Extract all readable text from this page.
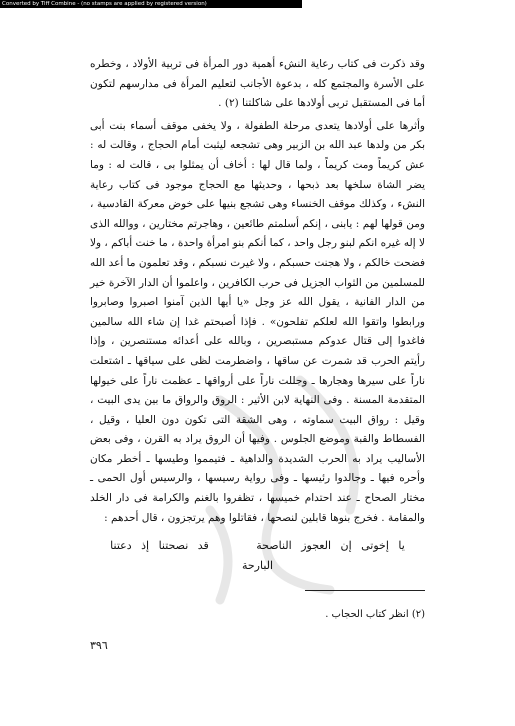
Converted by Tiff Combine - (no stamps are applied by registered version)

وقد ذكرت فى كتاب رعاية النشء أهمية دور المرأة فى تربية الأولاد ، وخطره على الأسرة والمجتمع كله ، بدعوة الأجانب لتعليم المرأة فى مدارسهم لتكون أما فى المستقبل تربى أولادها على شاكلتنا (٢) .

وأثرها على أولادها يتعدى مرحلة الطفولة ، ولا يخفى موقف أسماء بنت أبى بكر من ولدها عبد الله بن الزبير وهى تشجعه ليثبت أمام الحجاج ، وقالت له : عش كريماً ومت كريماً ، ولما قال لها : أخاف أن يمثلوا بى ، قالت له : وما يضر الشاة سلخها بعد ذبحها ، وحديثها مع الحجاج موجود فى كتاب رعاية النشء ، وكذلك موقف الخنساء وهى تشجع بنيها على خوض معركة القادسية ، ومن قولها لهم : يابنى ، إنكم أسلمتم طائعين ، وهاجرتم مختارين ، ووالله الذى لا إله غيره انكم لبنو رجل واحد ، كما أنكم بنو امرأة واحدة ، ما خنت أباكم ، ولا فضحت خالكم ، ولا هجنت حسبكم ، ولا غيرت نسبكم ، وقد تعلمون ما أعد الله للمسلمين من الثواب الجزيل فى حرب الكافرين ، واعلموا أن الدار الآخرة خير من الدار الفانية ، يقول الله عز وجل «يا أيها الذين آمنوا اصبروا وصابروا ورابطوا واتقوا الله لعلكم تفلحون» . فإذا أصبحتم غدا إن شاء الله سالمين فاغدوا إلى قتال عدوكم مستبصرين ، وبالله على أعدائه مستنصرين ، وإذا رأيتم الحرب قد شمرت عن ساقها ، واضطرمت لظى على سياقها ـ اشتعلت ناراً على سيرها وهجارها ـ وجللت ناراً على أرواقها ـ عظمت ناراً على خيولها المتقدمة المسنة . وفى النهاية لابن الأثير : الروق والرواق ما بين يدى البيت ، وقيل : رواق البيت سماوته ، وهى الشقة التى تكون دون العليا ، وقيل ، الفسطاط والقبة وموضع الجلوس . وفيها أن الروق يراد به القرن ، وفى بعض الأساليب يراد به الحرب الشديدة والداهية ـ فتيمموا وطيسها ـ أخطر مكان وأحره فيها ـ وجالدوا رئيسها ـ وفى رواية رسيسها ، والرسيس أول الحمى ـ مختار الصحاح ـ عند احتدام خميسها ، تظفروا بالغنم والكرامة فى دار الخلد والمقامة . فخرج بنوها قابلين لنصحها ، فقاتلوا وهم يرتجزون ، قال أحدهم :

يا إخوتى إن العجوز الناصحة     قد نصحتنا إذ دعتنا البارحة
(٢) انظر كتاب الحجاب .
٣٩٦
